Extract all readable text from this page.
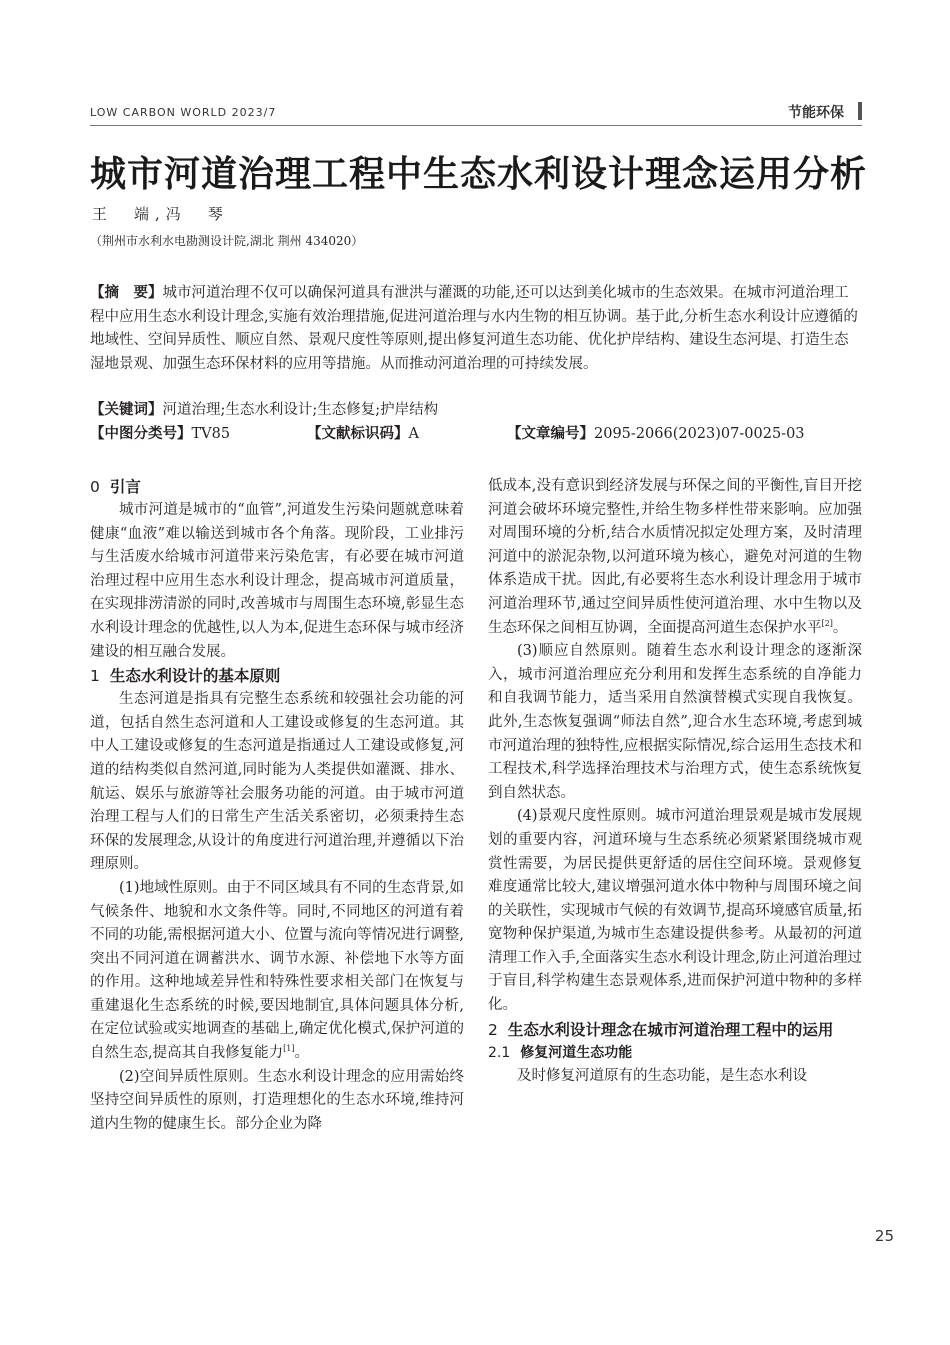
LOW CARBON WORLD 2023/7	节能环保
城市河道治理工程中生态水利设计理念运用分析
王　端,冯　琴
（荆州市水利水电勘测设计院,湖北 荆州 434020）
【摘　要】城市河道治理不仅可以确保河道具有泄洪与灌溉的功能,还可以达到美化城市的生态效果。在城市河道治理工程中应用生态水利设计理念,实施有效治理措施,促进河道治理与水内生物的相互协调。基于此,分析生态水利设计应遵循的地域性、空间异质性、顺应自然、景观尺度性等原则,提出修复河道生态功能、优化护岸结构、建设生态河堤、打造生态湿地景观、加强生态环保材料的应用等措施。从而推动河道治理的可持续发展。
【关键词】河道治理;生态水利设计;生态修复;护岸结构
【中图分类号】TV85	【文献标识码】A	【文章编号】2095-2066(2023)07-0025-03
0 引言

城市河道是城市的“血管”,河道发生污染问题就意味着健康“血液”难以输送到城市各个角落。现阶段，工业排污与生活废水给城市河道带来污染危害，有必要在城市河道治理过程中应用生态水利设计理念，提高城市河道质量，在实现排涝清淤的同时,改善城市与周围生态环境,彰显生态水利设计理念的优越性,以人为本,促进生态环保与城市经济建设的相互融合发展。

1 生态水利设计的基本原则

生态河道是指具有完整生态系统和较强社会功能的河道，包括自然生态河道和人工建设或修复的生态河道。其中人工建设或修复的生态河道是指通过人工建设或修复,河道的结构类似自然河道,同时能为人类提供如灌溉、排水、航运、娱乐与旅游等社会服务功能的河道。由于城市河道治理工程与人们的日常生产生活关系密切，必须秉持生态环保的发展理念,从设计的角度进行河道治理,并遵循以下治理原则。

(1)地域性原则。由于不同区域具有不同的生态背景,如气候条件、地貌和水文条件等。同时,不同地区的河道有着不同的功能,需根据河道大小、位置与流向等情况进行调整,突出不同河道在调蓄洪水、调节水源、补偿地下水等方面的作用。这种地域差异性和特殊性要求相关部门在恢复与重建退化生态系统的时候,要因地制宜,具体问题具体分析,在定位试验或实地调查的基础上,确定优化模式,保护河道的自然生态,提高其自我修复能力[1]。

(2)空间异质性原则。生态水利设计理念的应用需始终坚持空间异质性的原则，打造理想化的生态水环境,维持河道内生物的健康生长。部分企业为降

低成本,没有意识到经济发展与环保之间的平衡性,盲目开挖河道会破坏环境完整性,并给生物多样性带来影响。应加强对周围环境的分析,结合水质情况拟定处理方案，及时清理河道中的淤泥杂物,以河道环境为核心，避免对河道的生物体系造成干扰。因此,有必要将生态水利设计理念用于城市河道治理环节,通过空间异质性使河道治理、水中生物以及生态环保之间相互协调，全面提高河道生态保护水平[2]。

(3)顺应自然原则。随着生态水利设计理念的逐渐深入，城市河道治理应充分利用和发挥生态系统的自净能力和自我调节能力，适当采用自然演替模式实现自我恢复。此外,生态恢复强调“师法自然”,迎合水生态环境,考虑到城市河道治理的独特性,应根据实际情况,综合运用生态技术和工程技术,科学选择治理技术与治理方式，使生态系统恢复到自然状态。

(4)景观尺度性原则。城市河道治理景观是城市发展规划的重要内容，河道环境与生态系统必须紧紧围绕城市观赏性需要，为居民提供更舒适的居住空间环境。景观修复难度通常比较大,建议增强河道水体中物种与周围环境之间的关联性，实现城市气候的有效调节,提高环境感官质量,拓宽物种保护渠道,为城市生态建设提供参考。从最初的河道清理工作入手,全面落实生态水利设计理念,防止河道治理过于盲目,科学构建生态景观体系,进而保护河道中物种的多样化。

2 生态水利设计理念在城市河道治理工程中的运用
2.1 修复河道生态功能

及时修复河道原有的生态功能，是生态水利设

25
